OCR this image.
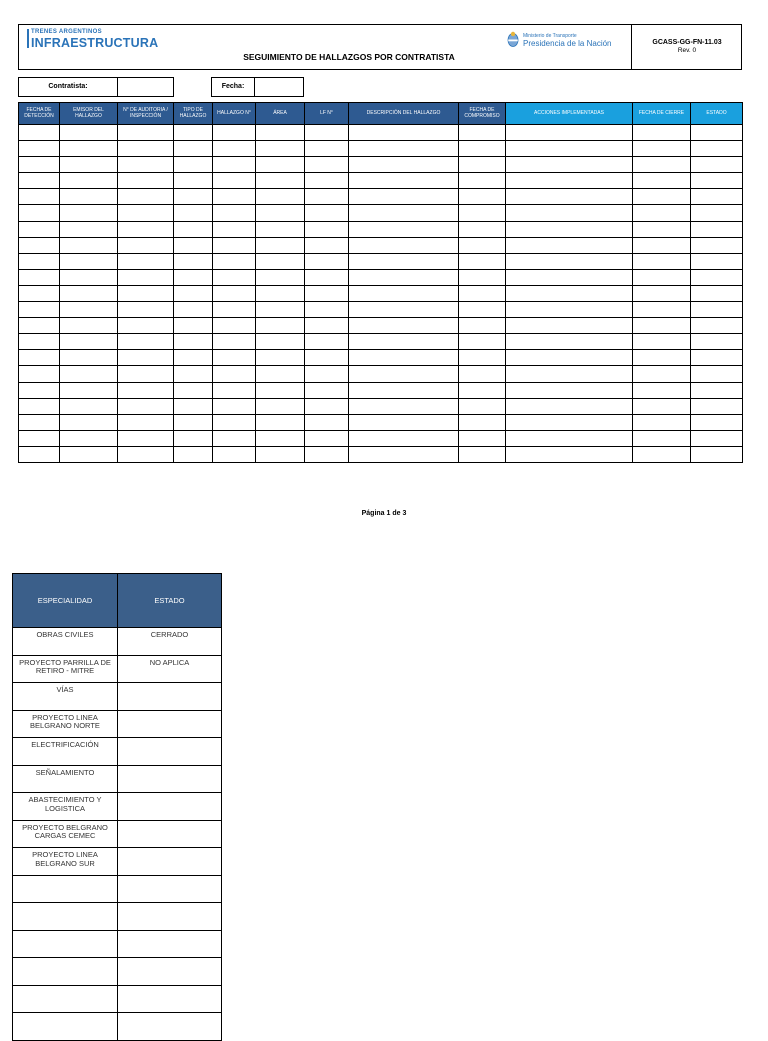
TRENES ARGENTINOS
INFRAESTRUCTURA
SEGUIMIENTO DE HALLAZGOS POR CONTRATISTA
Ministerio de Transporte
Presidencia de la Nación	GCASS-GG-FN-11.03
Rev. 0
Contratista:	Fecha:
FECHA DE DETECCIÓN	EMISOR DEL HALLAZGO	N° DE AUDITORIA / INSPECCIÓN	TIPO DE HALLAZGO	HALLAZGO N°	ÁREA	LF N°	DESCRIPCIÓN DEL HALLAZGO	FECHA DE COMPROMISO	ACCIONES IMPLEMENTADAS	FECHA DE CIERRE	ESTADO

Página 1 de 3
ESPECIALIDAD	ESTADO
OBRAS CIVILES	CERRADO
PROYECTO PARRILLA DE RETIRO - MITRE	NO APLICA
VÍAS	
PROYECTO LINEA BELGRANO NORTE	
ELECTRIFICACIÓN	
SEÑALAMIENTO	
ABASTECIMIENTO Y LOGISTICA	
PROYECTO BELGRANO CARGAS CEMEC	
PROYECTO LINEA BELGRANO SUR	
